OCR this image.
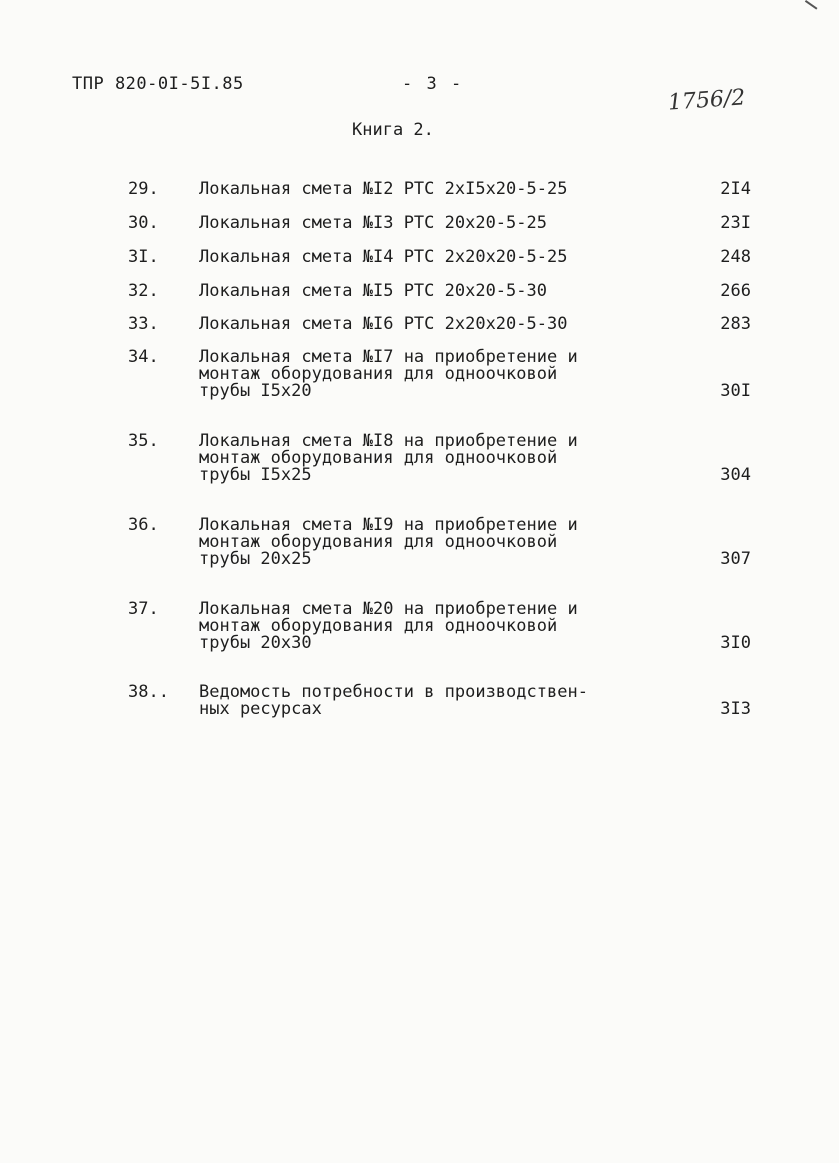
ТПР 820-0I-5I.85	- 3 -
1756/2
Книга 2.
29. Локальная смета №I2 РТС 2хI5х20-5-25	2I4
30. Локальная смета №I3 РТС 20х20-5-25	23I
3I. Локальная смета №I4 РТС 2х20х20-5-25	248
32. Локальная смета №I5 РТС 20х20-5-30	266
33. Локальная смета №I6 РТС 2х20х20-5-30	283
34. Локальная смета №I7 на приобретение и
монтаж оборудования для одноочковой
трубы I5х20	30I
35. Локальная смета №I8 на приобретение и
монтаж оборудования для одноочковой
трубы I5х25	304
36. Локальная смета №I9 на приобретение и
монтаж оборудования для одноочковой
трубы 20х25	307
37. Локальная смета №20 на приобретение и
монтаж оборудования для одноочковой
трубы 20х30	3I0
38.. Ведомость потребности в производствен-
ных ресурсах	3I3
